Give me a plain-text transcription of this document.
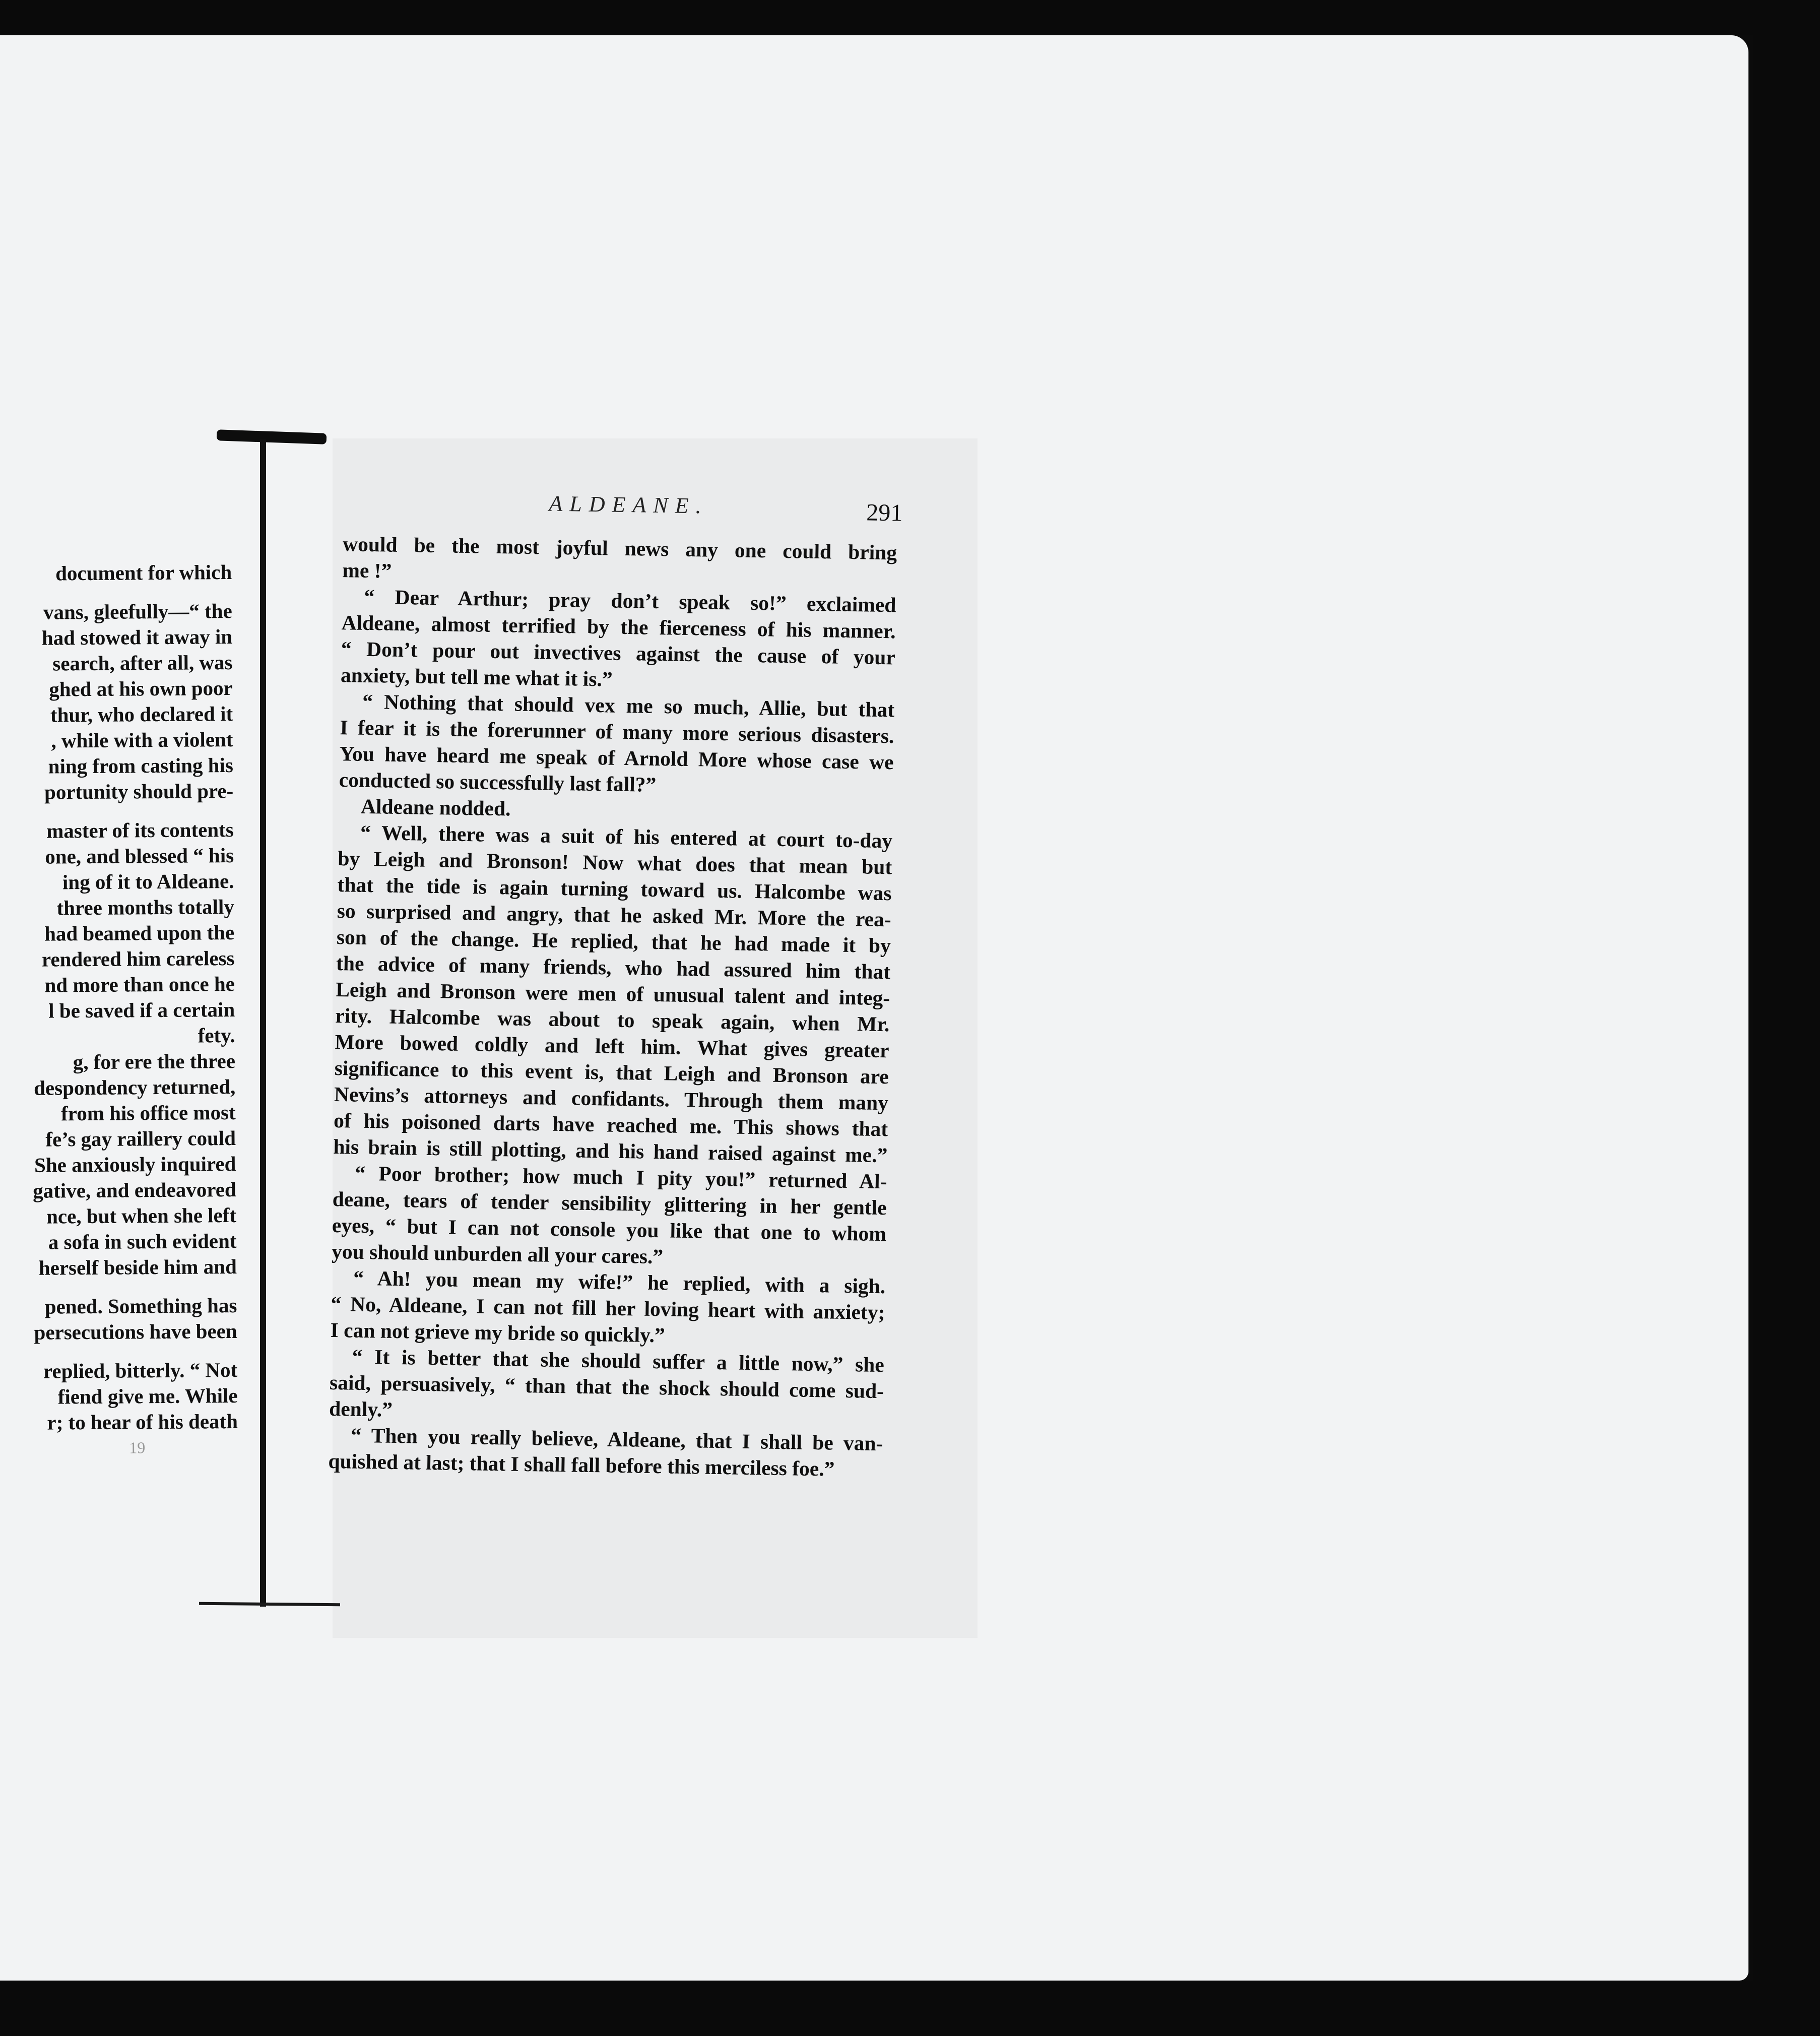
document for which
vans, gleefully—“ the
had stowed it away in
search, after all, was
ghed at his own poor
thur, who declared it
, while with a violent
ning from casting his
portunity should pre-
master of its contents
one, and blessed “ his
ing of it to Aldeane.
three months totally
had beamed upon the
rendered him careless
nd more than once he
l be saved if a certain
fety.
g, for ere the three
despondency returned,
from his office most
fe’s gay raillery could
She anxiously inquired
gative, and endeavored
nce, but when she left
a sofa in such evident
herself beside him and
pened. Something has
persecutions have been
replied, bitterly. “ Not
fiend give me. While
r; to hear of his death
19
ALDEANE.	291
would be the most joyful news any one could bring
me !”
“ Dear Arthur; pray don’t speak so!” exclaimed
Aldeane, almost terrified by the fierceness of his manner.
“ Don’t pour out invectives against the cause of your
anxiety, but tell me what it is.”
“ Nothing that should vex me so much, Allie, but that
I fear it is the forerunner of many more serious disasters.
You have heard me speak of Arnold More whose case we
conducted so successfully last fall?”
Aldeane nodded.
“ Well, there was a suit of his entered at court to-day
by Leigh and Bronson! Now what does that mean but
that the tide is again turning toward us. Halcombe was
so surprised and angry, that he asked Mr. More the rea-
son of the change. He replied, that he had made it by
the advice of many friends, who had assured him that
Leigh and Bronson were men of unusual talent and integ-
rity. Halcombe was about to speak again, when Mr.
More bowed coldly and left him. What gives greater
significance to this event is, that Leigh and Bronson are
Nevins’s attorneys and confidants. Through them many
of his poisoned darts have reached me. This shows that
his brain is still plotting, and his hand raised against me.”
“ Poor brother; how much I pity you!” returned Al-
deane, tears of tender sensibility glittering in her gentle
eyes, “ but I can not console you like that one to whom
you should unburden all your cares.”
“ Ah! you mean my wife!” he replied, with a sigh.
“ No, Aldeane, I can not fill her loving heart with anxiety;
I can not grieve my bride so quickly.”
“ It is better that she should suffer a little now,” she
said, persuasively, “ than that the shock should come sud-
denly.”
“ Then you really believe, Aldeane, that I shall be van-
quished at last; that I shall fall before this merciless foe.”
